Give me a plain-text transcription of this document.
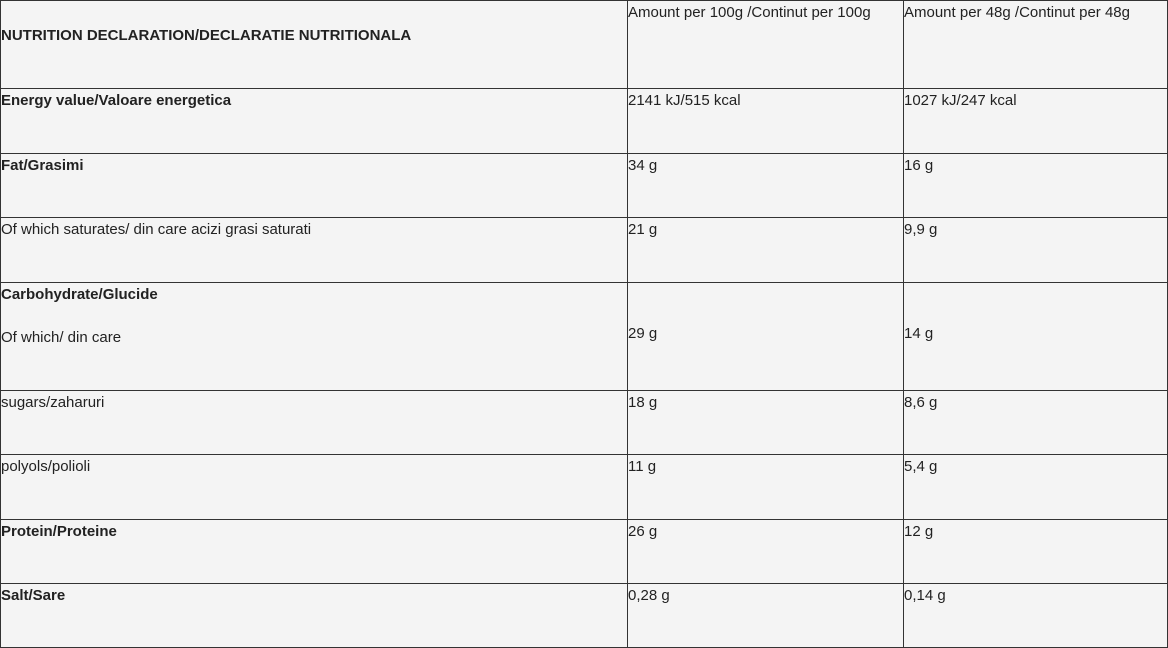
NUTRITION DECLARATION/DECLARATIE NUTRITIONALA	Amount per 100g /Continut per 100g	Amount per 48g /Continut per 48g

Energy value/Valoare energetica	2141 kJ/515 kcal	1027 kJ/247 kcal
Fat/Grasimi	34 g	16 g
Of which saturates/ din care acizi grasi saturati	21 g	9,9 g

Carbohydrate/Glucide
Of which/ din care	29 g	14 g
sugars/zaharuri	18 g	8,6 g
polyols/polioli	11 g	5,4 g
Protein/Proteine	26 g	12 g
Salt/Sare	0,28 g	0,14 g
